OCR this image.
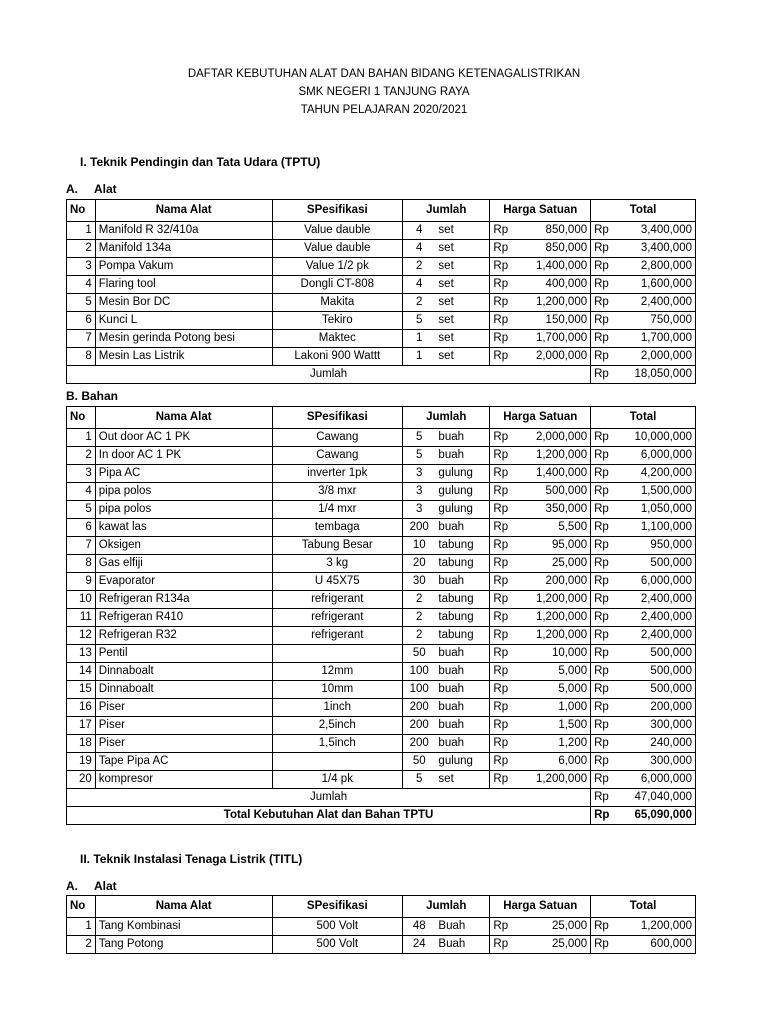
DAFTAR KEBUTUHAN ALAT DAN BAHAN BIDANG KETENAGALISTRIKAN
SMK NEGERI 1 TANJUNG RAYA
TAHUN PELAJARAN 2020/2021
I. Teknik Pendingin dan Tata Udara (TPTU)
A. Alat
No	Nama Alat	SPesifikasi	Jumlah		Harga Satuan		Total	
1	Manifold R 32/410a	Value dauble	4	set	Rp	850,000	Rp	3,400,000
2	Manifold 134a	Value dauble	4	set	Rp	850,000	Rp	3,400,000
3	Pompa Vakum	Value 1/2 pk	2	set	Rp	1,400,000	Rp	2,800,000
4	Flaring tool	Dongli CT-808	4	set	Rp	400,000	Rp	1,600,000
5	Mesin Bor DC	Makita	2	set	Rp	1,200,000	Rp	2,400,000
6	Kunci L	Tekiro	5	set	Rp	150,000	Rp	750,000
7	Mesin gerinda Potong besi	Maktec	1	set	Rp	1,700,000	Rp	1,700,000
8	Mesin Las Listrik	Lakoni 900 Wattt	1	set	Rp	2,000,000	Rp	2,000,000
Jumlah							Rp	18,050,000
B. Bahan
No	Nama Alat	SPesifikasi	Jumlah		Harga Satuan		Total	
1	Out door AC 1 PK	Cawang	5	buah	Rp	2,000,000	Rp	10,000,000
2	In door AC 1 PK	Cawang	5	buah	Rp	1,200,000	Rp	6,000,000
3	Pipa AC	inverter 1pk	3	gulung	Rp	1,400,000	Rp	4,200,000
4	pipa polos	3/8 mxr	3	gulung	Rp	500,000	Rp	1,500,000
5	pipa polos	1/4 mxr	3	gulung	Rp	350,000	Rp	1,050,000
6	kawat las	tembaga	200	buah	Rp	5,500	Rp	1,100,000
7	Oksigen	Tabung Besar	10	tabung	Rp	95,000	Rp	950,000
8	Gas elfiji	3 kg	20	tabung	Rp	25,000	Rp	500,000
9	Evaporator	U 45X75	30	buah	Rp	200,000	Rp	6,000,000
10	Refrigeran R134a	refrigerant	2	tabung	Rp	1,200,000	Rp	2,400,000
11	Refrigeran R410	refrigerant	2	tabung	Rp	1,200,000	Rp	2,400,000
12	Refrigeran R32	refrigerant	2	tabung	Rp	1,200,000	Rp	2,400,000
13	Pentil		50	buah	Rp	10,000	Rp	500,000
14	Dinnaboalt	12mm	100	buah	Rp	5,000	Rp	500,000
15	Dinnaboalt	10mm	100	buah	Rp	5,000	Rp	500,000
16	Piser	1inch	200	buah	Rp	1,000	Rp	200,000
17	Piser	2,5inch	200	buah	Rp	1,500	Rp	300,000
18	Piser	1,5inch	200	buah	Rp	1,200	Rp	240,000
19	Tape Pipa AC		50	gulung	Rp	6,000	Rp	300,000
20	kompresor	1/4 pk	5	set	Rp	1,200,000	Rp	6,000,000
Jumlah							Rp	47,040,000
Total Kebutuhan Alat dan Bahan TPTU							Rp	65,090,000
II. Teknik Instalasi Tenaga Listrik (TITL)
A. Alat
No	Nama Alat	SPesifikasi	Jumlah		Harga Satuan		Total	
1	Tang Kombinasi	500 Volt	48	Buah	Rp	25,000	Rp	1,200,000
2	Tang Potong	500 Volt	24	Buah	Rp	25,000	Rp	600,000
